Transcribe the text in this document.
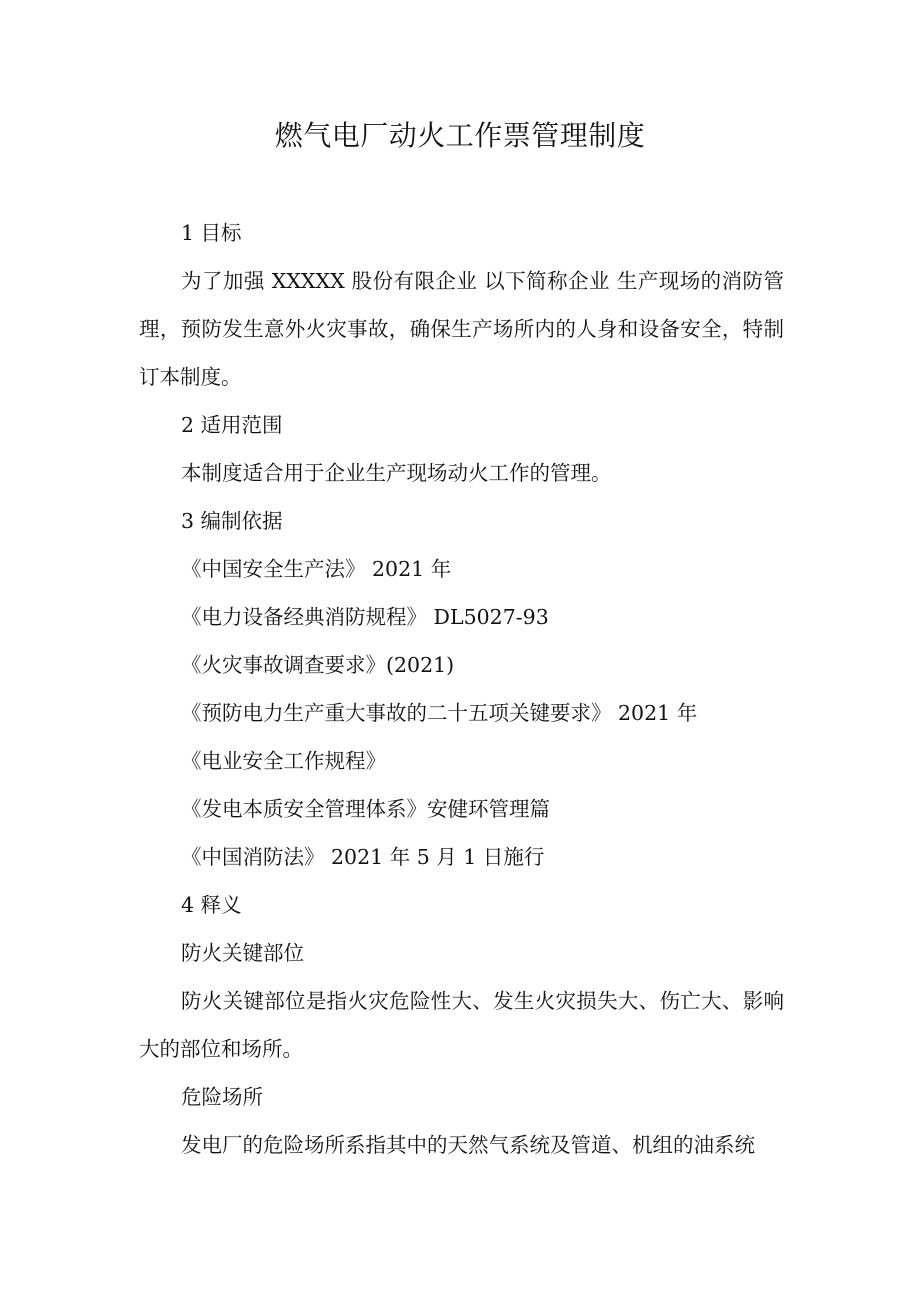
燃气电厂动火工作票管理制度

1 目标

为了加强 XXXXX 股份有限企业 以下简称企业 生产现场的消防管理，预防发生意外火灾事故，确保生产场所内的人身和设备安全，特制订本制度。

2 适用范围

本制度适合用于企业生产现场动火工作的管理。

3 编制依据

《中国安全生产法》 2021 年

《电力设备经典消防规程》 DL5027-93

《火灾事故调查要求》(2021)

《预防电力生产重大事故的二十五项关键要求》 2021 年

《电业安全工作规程》

《发电本质安全管理体系》安健环管理篇

《中国消防法》 2021 年 5 月 1 日施行

4 释义

防火关键部位

防火关键部位是指火灾危险性大、发生火灾损失大、伤亡大、影响大的部位和场所。

危险场所

发电厂的危险场所系指其中的天然气系统及管道、机组的油系统
